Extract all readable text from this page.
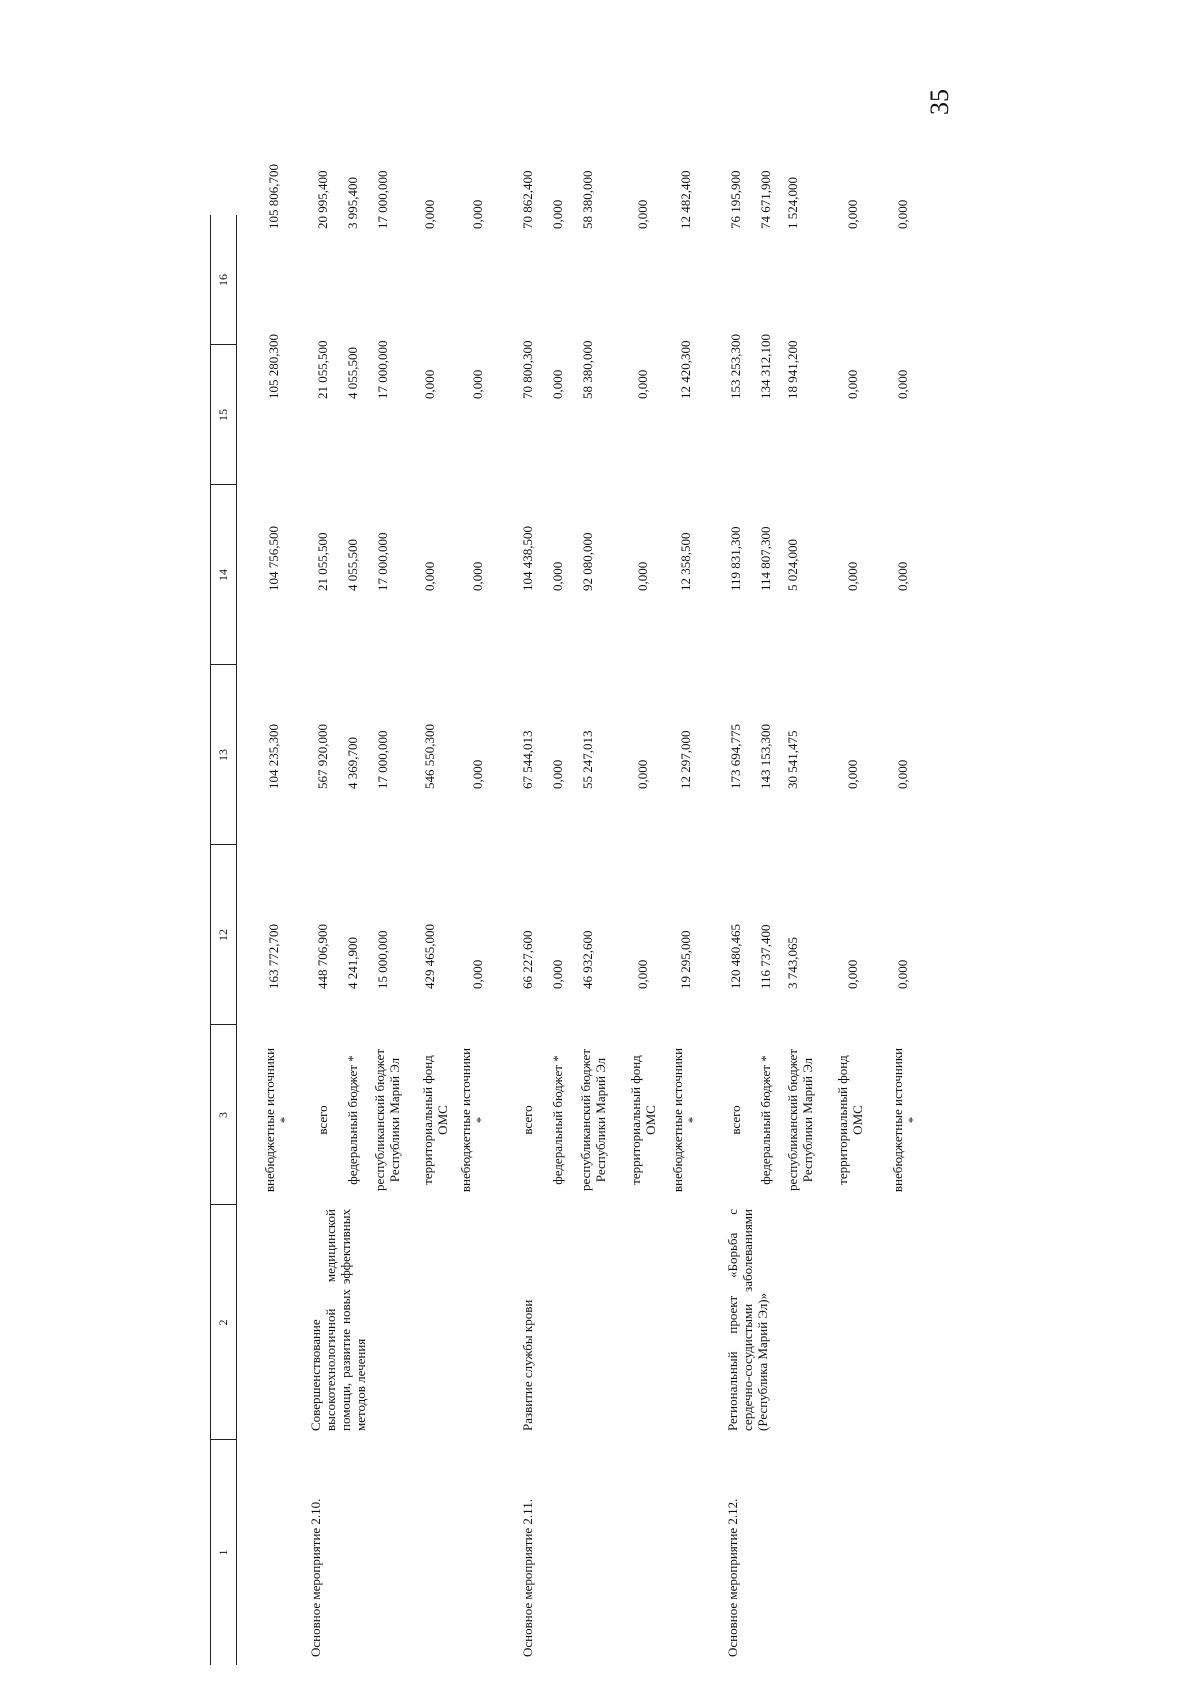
35
1
2
3
12
13
14
15
16
внебюджетные источники *
163 772,700
104 235,300
104 756,500
105 280,300
105 806,700
Основное мероприятие 2.10.
Совершенствование высокотехнологичной медицинской помощи, развитие новых эффективных методов лечения
всего
448 706,900
567 920,000
21 055,500
21 055,500
20 995,400
федеральный бюджет *
4 241,900
4 369,700
4 055,500
4 055,500
3 995,400
республиканский бюджет Республики Марий Эл
15 000,000
17 000,000
17 000,000
17 000,000
17 000,000
территориальный фонд ОМС
429 465,000
546 550,300
0,000
0,000
0,000
внебюджетные источники *
0,000
0,000
0,000
0,000
0,000
Основное мероприятие 2.11.
Развитие службы крови
всего
66 227,600
67 544,013
104 438,500
70 800,300
70 862,400
федеральный бюджет *
0,000
0,000
0,000
0,000
0,000
республиканский бюджет Республики Марий Эл
46 932,600
55 247,013
92 080,000
58 380,000
58 380,000
территориальный фонд ОМС
0,000
0,000
0,000
0,000
0,000
внебюджетные источники *
19 295,000
12 297,000
12 358,500
12 420,300
12 482,400
Основное мероприятие 2.12.
Региональный проект «Борьба с сердечно-сосудистыми заболеваниями (Республика Марий Эл)»
всего
120 480,465
173 694,775
119 831,300
153 253,300
76 195,900
федеральный бюджет *
116 737,400
143 153,300
114 807,300
134 312,100
74 671,900
республиканский бюджет Республики Марий Эл
3 743,065
30 541,475
5 024,000
18 941,200
1 524,000
территориальный фонд ОМС
0,000
0,000
0,000
0,000
0,000
внебюджетные источники *
0,000
0,000
0,000
0,000
0,000
